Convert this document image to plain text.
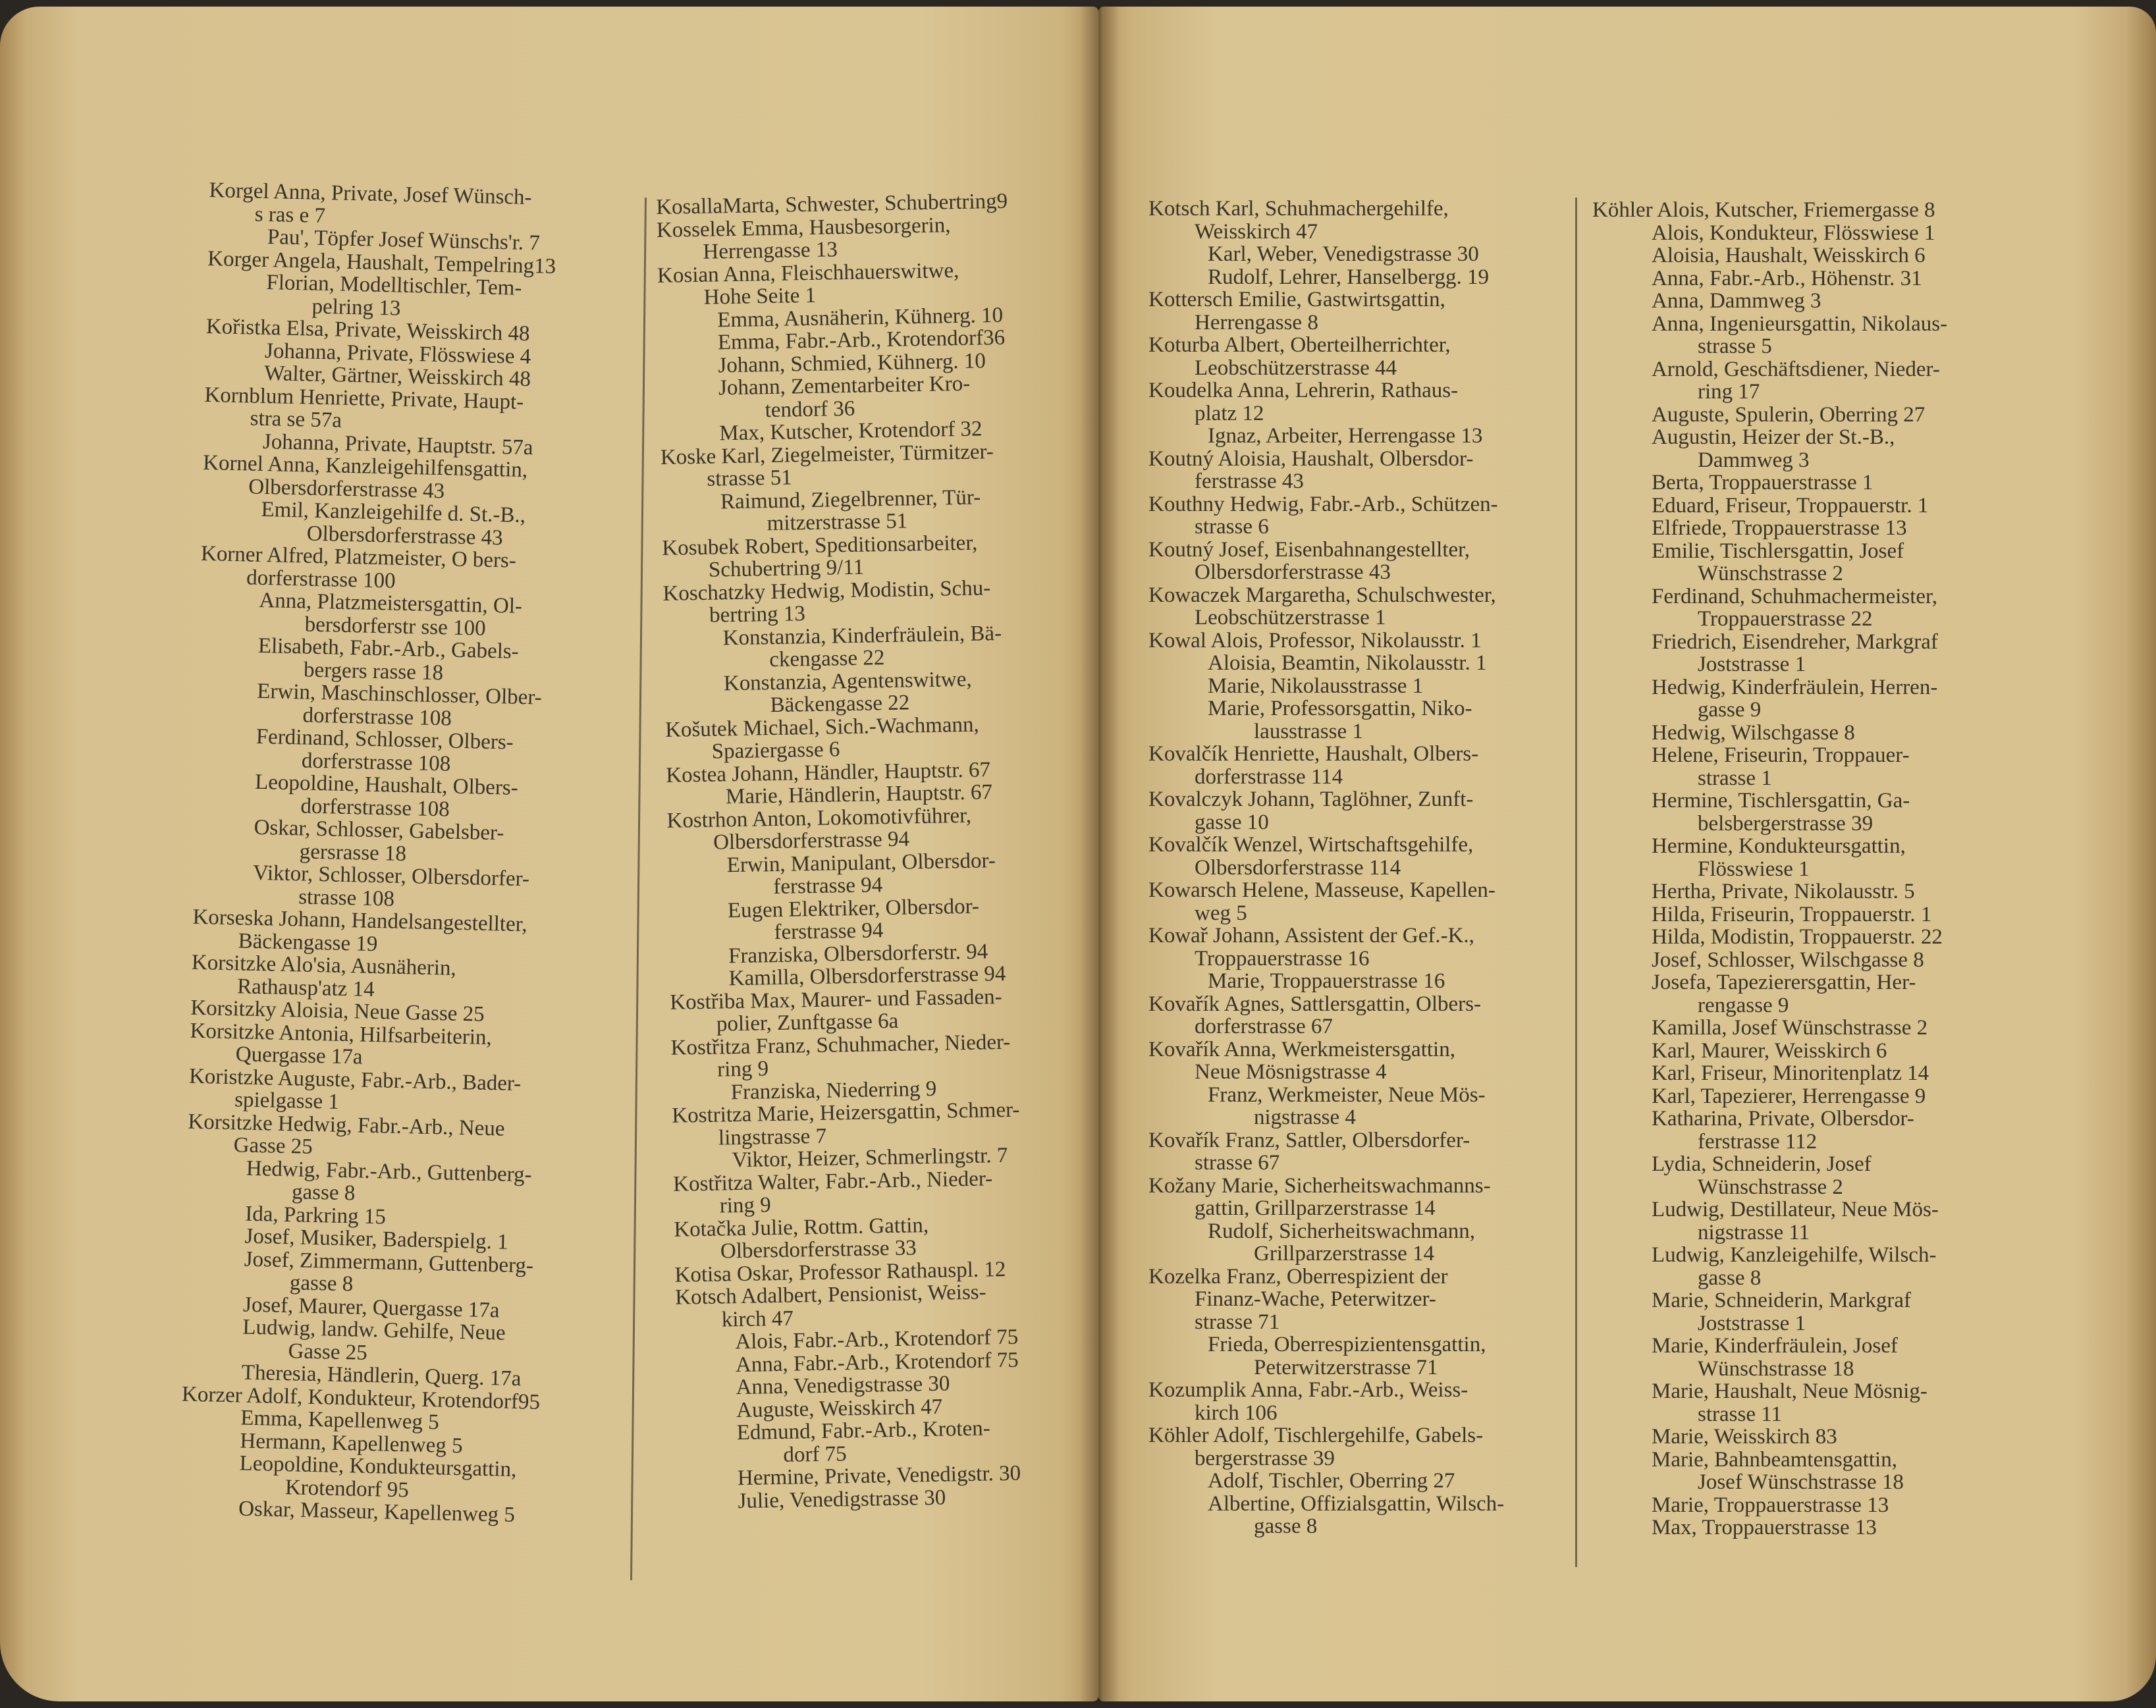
Korgel Anna, Private, Josef Wünsch-
s ras e 7
Pau', Töpfer Josef Wünschs'r. 7
Korger Angela, Haushalt, Tempelring13
Florian, Modelltischler, Tem-
pelring 13
Kořistka Elsa, Private, Weisskirch 48
Johanna, Private, Flösswiese 4
Walter, Gärtner, Weisskirch 48
Kornblum Henriette, Private, Haupt-
stra se 57a
Johanna, Private, Hauptstr. 57a
Kornel Anna, Kanzleigehilfensgattin,
Olbersdorferstrasse 43
Emil, Kanzleigehilfe d. St.-B.,
Olbersdorferstrasse 43
Korner Alfred, Platzmeister, O bers-
dorferstrasse 100
Anna, Platzmeistersgattin, Ol-
bersdorferstr sse 100
Elisabeth, Fabr.-Arb., Gabels-
bergers rasse 18
Erwin, Maschinschlosser, Olber-
dorferstrasse 108
Ferdinand, Schlosser, Olbers-
dorferstrasse 108
Leopoldine, Haushalt, Olbers-
dorferstrasse 108
Oskar, Schlosser, Gabelsber-
gersrasse 18
Viktor, Schlosser, Olbersdorfer-
strasse 108
Korseska Johann, Handelsangestellter,
Bäckengasse 19
Korsitzke Alo'sia, Ausnäherin,
Rathausp'atz 14
Korsitzky Aloisia, Neue Gasse 25
Korsitzke Antonia, Hilfsarbeiterin,
Quergasse 17a
Koristzke Auguste, Fabr.-Arb., Bader-
spielgasse 1
Korsitzke Hedwig, Fabr.-Arb., Neue
Gasse 25
Hedwig, Fabr.-Arb., Guttenberg-
gasse 8
Ida, Parkring 15
Josef, Musiker, Baderspielg. 1
Josef, Zimmermann, Guttenberg-
gasse 8
Josef, Maurer, Quergasse 17a
Ludwig, landw. Gehilfe, Neue
Gasse 25
Theresia, Händlerin, Querg. 17a
Korzer Adolf, Kondukteur, Krotendorf95
Emma, Kapellenweg 5
Hermann, Kapellenweg 5
Leopoldine, Kondukteursgattin,
Krotendorf 95
Oskar, Masseur, Kapellenweg 5
KosallaMarta, Schwester, Schubertring9
Kosselek Emma, Hausbesorgerin,
Herrengasse 13
Kosian Anna, Fleischhauerswitwe,
Hohe Seite 1
Emma, Ausnäherin, Kühnerg. 10
Emma, Fabr.-Arb., Krotendorf36
Johann, Schmied, Kühnerg. 10
Johann, Zementarbeiter Kro-
tendorf 36
Max, Kutscher, Krotendorf 32
Koske Karl, Ziegelmeister, Türmitzer-
strasse 51
Raimund, Ziegelbrenner, Tür-
mitzerstrasse 51
Kosubek Robert, Speditionsarbeiter,
Schubertring 9/11
Koschatzky Hedwig, Modistin, Schu-
bertring 13
Konstanzia, Kinderfräulein, Bä-
ckengasse 22
Konstanzia, Agentenswitwe,
Bäckengasse 22
Košutek Michael, Sich.-Wachmann,
Spaziergasse 6
Kostea Johann, Händler, Hauptstr. 67
Marie, Händlerin, Hauptstr. 67
Kostrhon Anton, Lokomotivführer,
Olbersdorferstrasse 94
Erwin, Manipulant, Olbersdor-
ferstrasse 94
Eugen Elektriker, Olbersdor-
ferstrasse 94
Franziska, Olbersdorferstr. 94
Kamilla, Olbersdorferstrasse 94
Kostřiba Max, Maurer- und Fassaden-
polier, Zunftgasse 6a
Kostřitza Franz, Schuhmacher, Nieder-
ring 9
Franziska, Niederring 9
Kostritza Marie, Heizersgattin, Schmer-
lingstrasse 7
Viktor, Heizer, Schmerlingstr. 7
Kostřitza Walter, Fabr.-Arb., Nieder-
ring 9
Kotačka Julie, Rottm. Gattin,
Olbersdorferstrasse 33
Kotisa Oskar, Professor Rathauspl. 12
Kotsch Adalbert, Pensionist, Weiss-
kirch 47
Alois, Fabr.-Arb., Krotendorf 75
Anna, Fabr.-Arb., Krotendorf 75
Anna, Venedigstrasse 30
Auguste, Weisskirch 47
Edmund, Fabr.-Arb., Kroten-
dorf 75
Hermine, Private, Venedigstr. 30
Julie, Venedigstrasse 30
Kotsch Karl, Schuhmachergehilfe,
Weisskirch 47
Karl, Weber, Venedigstrasse 30
Rudolf, Lehrer, Hanselbergg. 19
Kottersch Emilie, Gastwirtsgattin,
Herrengasse 8
Koturba Albert, Oberteilherrichter,
Leobschützerstrasse 44
Koudelka Anna, Lehrerin, Rathaus-
platz 12
Ignaz, Arbeiter, Herrengasse 13
Koutný Aloisia, Haushalt, Olbersdor-
ferstrasse 43
Kouthny Hedwig, Fabr.-Arb., Schützen-
strasse 6
Koutný Josef, Eisenbahnangestellter,
Olbersdorferstrasse 43
Kowaczek Margaretha, Schulschwester,
Leobschützerstrasse 1
Kowal Alois, Professor, Nikolausstr. 1
Aloisia, Beamtin, Nikolausstr. 1
Marie, Nikolausstrasse 1
Marie, Professorsgattin, Niko-
lausstrasse 1
Kovalčík Henriette, Haushalt, Olbers-
dorferstrasse 114
Kovalczyk Johann, Taglöhner, Zunft-
gasse 10
Kovalčík Wenzel, Wirtschaftsgehilfe,
Olbersdorferstrasse 114
Kowarsch Helene, Masseuse, Kapellen-
weg 5
Kowař Johann, Assistent der Gef.-K.,
Troppauerstrasse 16
Marie, Troppauerstrasse 16
Kovařík Agnes, Sattlersgattin, Olbers-
dorferstrasse 67
Kovařík Anna, Werkmeistersgattin,
Neue Mösnigstrasse 4
Franz, Werkmeister, Neue Mös-
nigstrasse 4
Kovařík Franz, Sattler, Olbersdorfer-
strasse 67
Kožany Marie, Sicherheitswachmanns-
gattin, Grillparzerstrasse 14
Rudolf, Sicherheitswachmann,
Grillparzerstrasse 14
Kozelka Franz, Oberrespizient der
Finanz-Wache, Peterwitzer-
strasse 71
Frieda, Oberrespizientensgattin,
Peterwitzerstrasse 71
Kozumplik Anna, Fabr.-Arb., Weiss-
kirch 106
Köhler Adolf, Tischlergehilfe, Gabels-
bergerstrasse 39
Adolf, Tischler, Oberring 27
Albertine, Offizialsgattin, Wilsch-
gasse 8
Köhler Alois, Kutscher, Friemergasse 8
Alois, Kondukteur, Flösswiese 1
Aloisia, Haushalt, Weisskirch 6
Anna, Fabr.-Arb., Höhenstr. 31
Anna, Dammweg 3
Anna, Ingenieursgattin, Nikolaus-
strasse 5
Arnold, Geschäftsdiener, Nieder-
ring 17
Auguste, Spulerin, Oberring 27
Augustin, Heizer der St.-B.,
Dammweg 3
Berta, Troppauerstrasse 1
Eduard, Friseur, Troppauerstr. 1
Elfriede, Troppauerstrasse 13
Emilie, Tischlersgattin, Josef
Wünschstrasse 2
Ferdinand, Schuhmachermeister,
Troppauerstrasse 22
Friedrich, Eisendreher, Markgraf
Joststrasse 1
Hedwig, Kinderfräulein, Herren-
gasse 9
Hedwig, Wilschgasse 8
Helene, Friseurin, Troppauer-
strasse 1
Hermine, Tischlersgattin, Ga-
belsbergerstrasse 39
Hermine, Kondukteursgattin,
Flösswiese 1
Hertha, Private, Nikolausstr. 5
Hilda, Friseurin, Troppauerstr. 1
Hilda, Modistin, Troppauerstr. 22
Josef, Schlosser, Wilschgasse 8
Josefa, Tapezierersgattin, Her-
rengasse 9
Kamilla, Josef Wünschstrasse 2
Karl, Maurer, Weisskirch 6
Karl, Friseur, Minoritenplatz 14
Karl, Tapezierer, Herrengasse 9
Katharina, Private, Olbersdor-
ferstrasse 112
Lydia, Schneiderin, Josef
Wünschstrasse 2
Ludwig, Destillateur, Neue Mös-
nigstrasse 11
Ludwig, Kanzleigehilfe, Wilsch-
gasse 8
Marie, Schneiderin, Markgraf
Joststrasse 1
Marie, Kinderfräulein, Josef
Wünschstrasse 18
Marie, Haushalt, Neue Mösnig-
strasse 11
Marie, Weisskirch 83
Marie, Bahnbeamtensgattin,
Josef Wünschstrasse 18
Marie, Troppauerstrasse 13
Max, Troppauerstrasse 13
